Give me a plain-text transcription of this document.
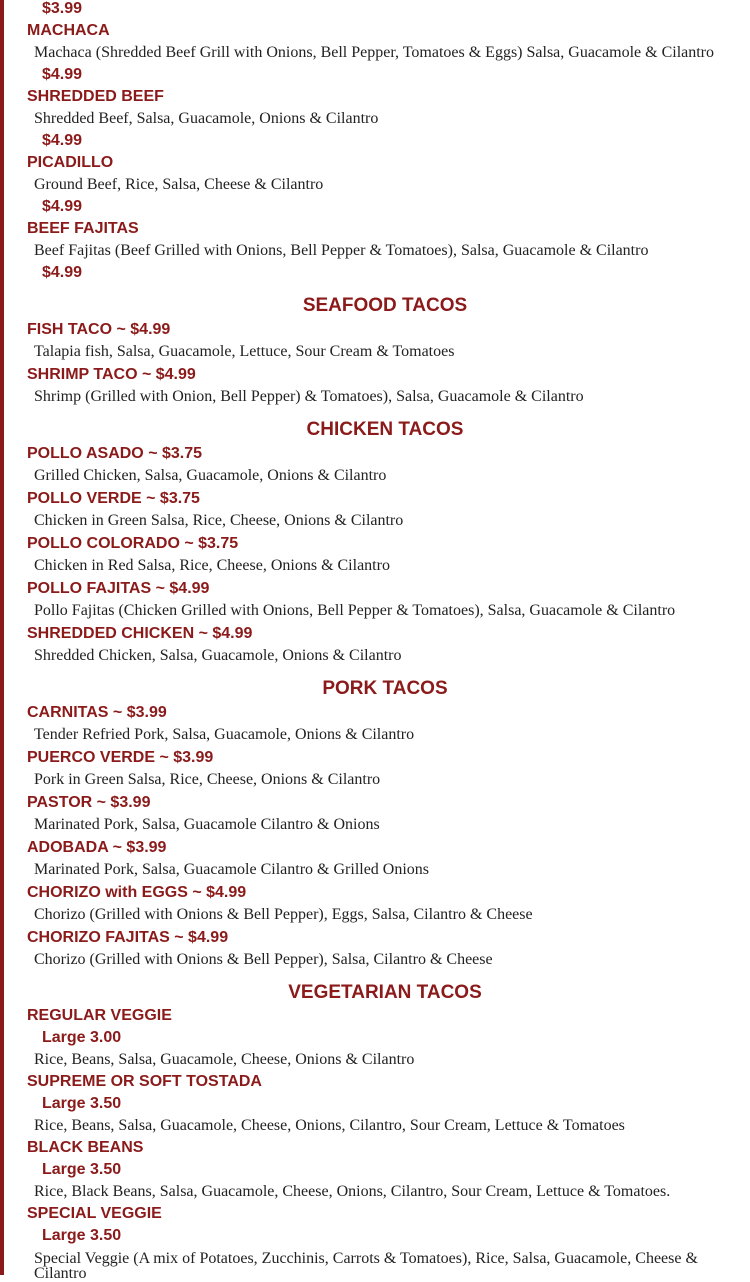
$3.99
MACHACA
Machaca (Shredded Beef Grill with Onions, Bell Pepper, Tomatoes & Eggs) Salsa, Guacamole & Cilantro
$4.99
SHREDDED BEEF
Shredded Beef, Salsa, Guacamole, Onions & Cilantro
$4.99
PICADILLO
Ground Beef, Rice, Salsa, Cheese & Cilantro
$4.99
BEEF FAJITAS
Beef Fajitas (Beef Grilled with Onions, Bell Pepper & Tomatoes), Salsa, Guacamole & Cilantro
$4.99
SEAFOOD TACOS
FISH TACO ~ $4.99
Talapia fish, Salsa, Guacamole, Lettuce, Sour Cream & Tomatoes
SHRIMP TACO ~ $4.99
Shrimp (Grilled with Onion, Bell Pepper) & Tomatoes), Salsa, Guacamole & Cilantro
CHICKEN TACOS
POLLO ASADO ~ $3.75
Grilled Chicken, Salsa, Guacamole, Onions & Cilantro
POLLO VERDE ~ $3.75
Chicken in Green Salsa, Rice, Cheese, Onions & Cilantro
POLLO COLORADO ~ $3.75
Chicken in Red Salsa, Rice, Cheese, Onions & Cilantro
POLLO FAJITAS ~ $4.99
Pollo Fajitas (Chicken Grilled with Onions, Bell Pepper & Tomatoes), Salsa, Guacamole & Cilantro
SHREDDED CHICKEN ~ $4.99
Shredded Chicken, Salsa, Guacamole, Onions & Cilantro
PORK TACOS
CARNITAS ~ $3.99
Tender Refried Pork, Salsa, Guacamole, Onions & Cilantro
PUERCO VERDE ~ $3.99
Pork in Green Salsa, Rice, Cheese, Onions & Cilantro
PASTOR ~ $3.99
Marinated Pork, Salsa, Guacamole Cilantro & Onions
ADOBADA ~ $3.99
Marinated Pork, Salsa, Guacamole Cilantro & Grilled Onions
CHORIZO with EGGS ~ $4.99
Chorizo (Grilled with Onions & Bell Pepper), Eggs, Salsa, Cilantro & Cheese
CHORIZO FAJITAS ~ $4.99
Chorizo (Grilled with Onions & Bell Pepper), Salsa, Cilantro & Cheese
VEGETARIAN TACOS
REGULAR VEGGIE
Large 3.00
Rice, Beans, Salsa, Guacamole, Cheese, Onions & Cilantro
SUPREME OR SOFT TOSTADA
Large 3.50
Rice, Beans, Salsa, Guacamole, Cheese, Onions, Cilantro, Sour Cream, Lettuce & Tomatoes
BLACK BEANS
Large 3.50
Rice, Black Beans, Salsa, Guacamole, Cheese, Onions, Cilantro, Sour Cream, Lettuce & Tomatoes.
SPECIAL VEGGIE
Large 3.50
Special Veggie (A mix of Potatoes, Zucchinis, Carrots & Tomatoes), Rice, Salsa, Guacamole, Cheese & Cilantro
